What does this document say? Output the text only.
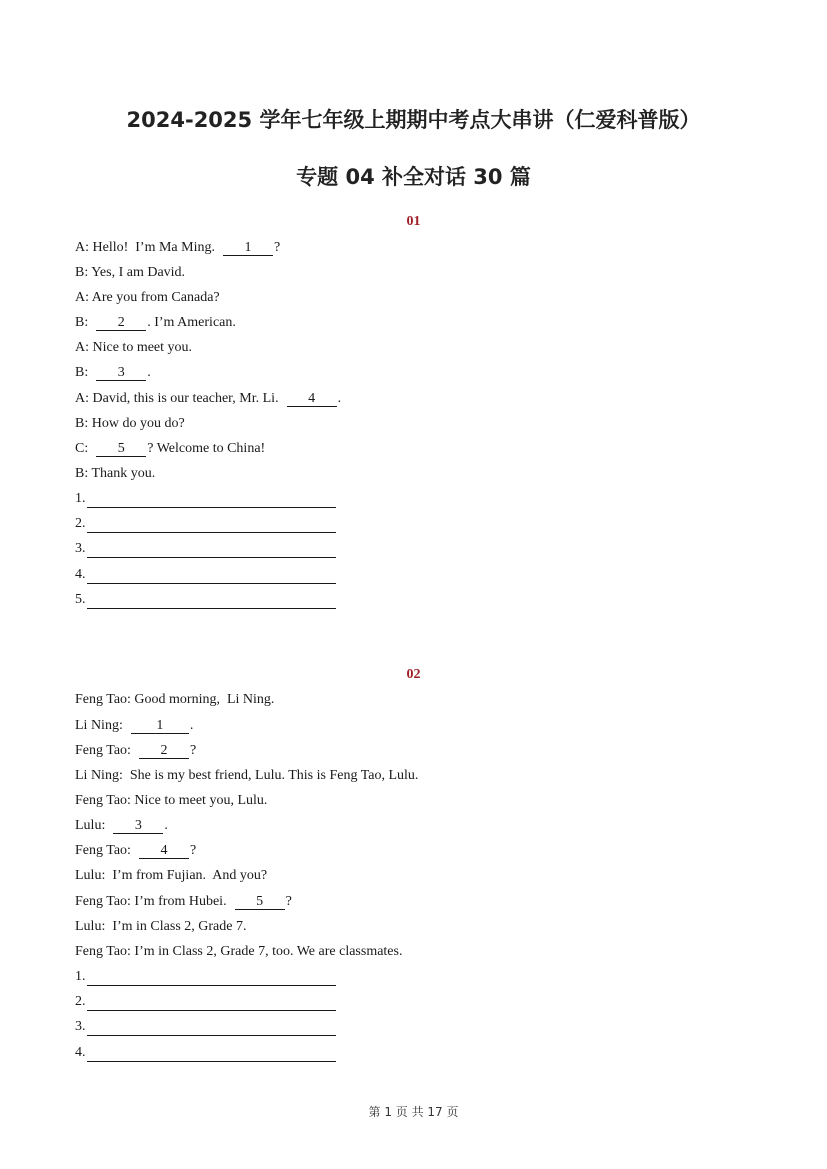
2024-2025 学年七年级上期期中考点大串讲（仁爱科普版）
专题 04 补全对话 30 篇
01
A: Hello!  I’m Ma Ming.  1 ?
B: Yes, I am David.
A: Are you from Canada?
B:  2 . I’m American.
A: Nice to meet you.
B:  3 .
A: David, this is our teacher, Mr. Li.  4 .
B: How do you do?
C:  5 ? Welcome to China!
B: Thank you.
1.
2.
3.
4.
5.
02
Feng Tao: Good morning,  Li Ning.
Li Ning:  1 .
Feng Tao:  2 ?
Li Ning:  She is my best friend, Lulu. This is Feng Tao, Lulu.
Feng Tao: Nice to meet you, Lulu.
Lulu:  3 .
Feng Tao:  4 ?
Lulu:  I’m from Fujian.  And you?
Feng Tao: I’m from Hubei.  5 ?
Lulu:  I’m in Class 2, Grade 7.
Feng Tao: I’m in Class 2, Grade 7, too. We are classmates.
1.
2.
3.
4.
第 1 页 共 17 页
